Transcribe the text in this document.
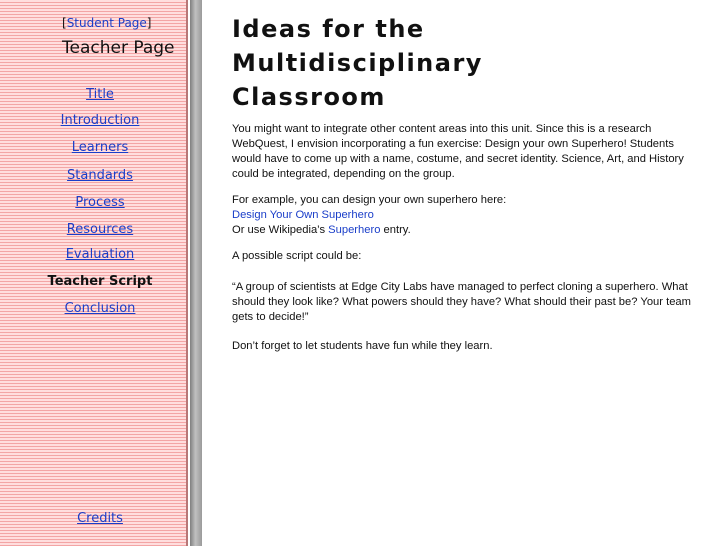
[Student Page]
Teacher Page
Title
Introduction
Learners
Standards
Process
Resources
Evaluation
Teacher Script
Conclusion
Credits
Ideas for the
Multidisciplinary
Classroom

You might want to integrate other content areas into this unit. Since this is a research WebQuest, I envision incorporating a fun exercise: Design your own Superhero! Students would have to come up with a name, costume, and secret identity. Science, Art, and History could be integrated, depending on the group.

For example, you can design your own superhero here:
Design Your Own Superhero
Or use Wikipedia’s Superhero entry.

A possible script could be:

“A group of scientists at Edge City Labs have managed to perfect cloning a superhero. What should they look like? What powers should they have? What should their past be? Your team gets to decide!”

Don’t forget to let students have fun while they learn.
